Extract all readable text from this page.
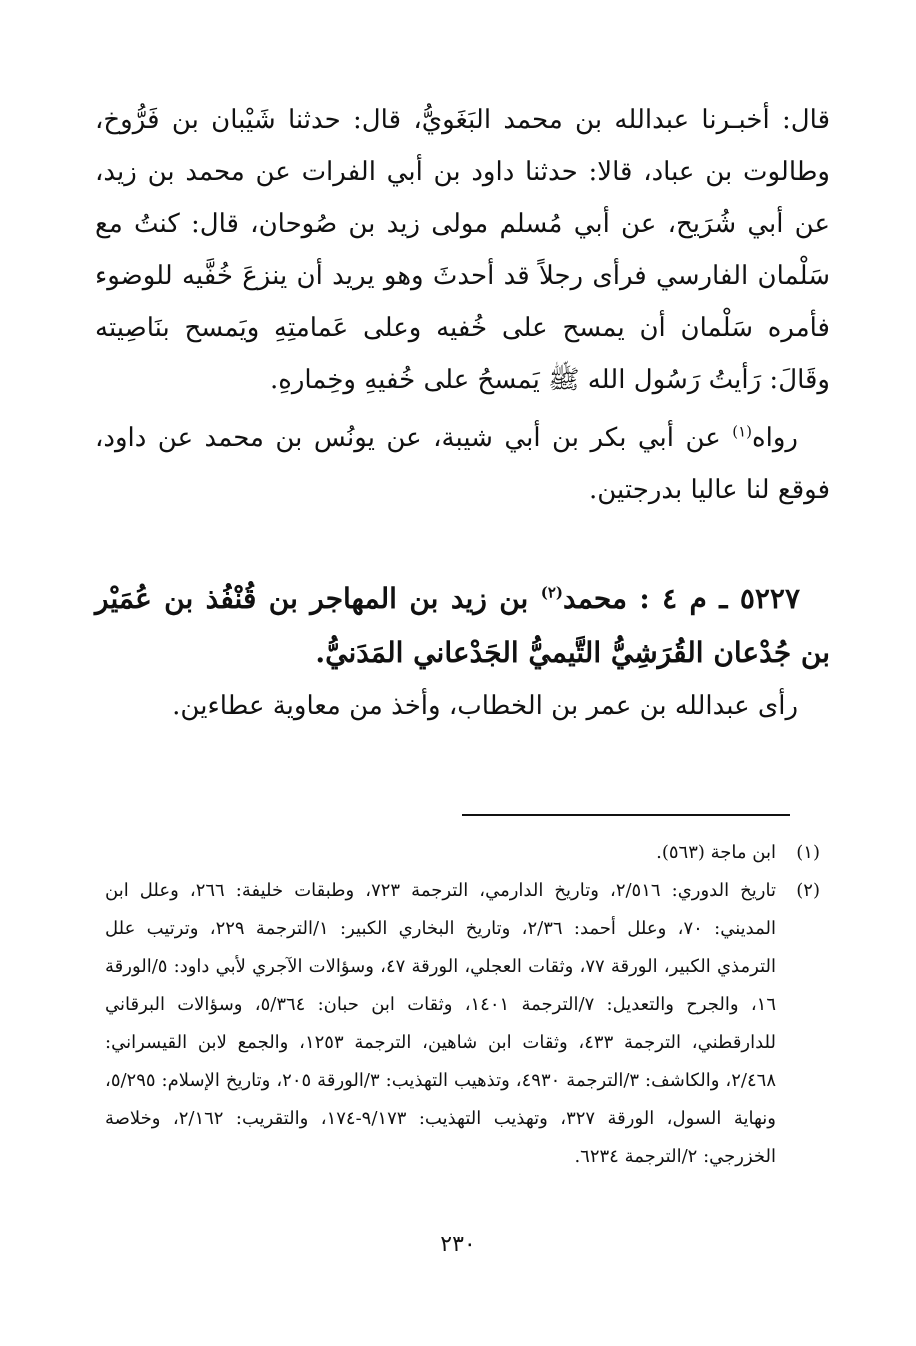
قال: أخبـرنا عبدالله بن محمد البَغَويُّ، قال: حدثنا شَيْبان بن فَرُّوخ، وطالوت بن عباد، قالا: حدثنا داود بن أبي الفرات عن محمد بن زيد، عن أبي شُرَيح، عن أبي مُسلم مولى زيد بن صُوحان، قال: كنتُ مع سَلْمان الفارسي فرأى رجلاً قد أحدثَ وهو يريد أن ينزعَ خُفَّيه للوضوء فأمره سَلْمان أن يمسح على خُفيه وعلى عَمامتِهِ ويَمسح بنَاصِيته وقَالَ: رَأيتُ رَسُول الله ﷺ يَمسحُ على خُفيهِ وخِمارهِ.

رواه$^{(١)}$ عن أبي بكر بن أبي شيبة، عن يونُس بن محمد عن داود، فوقع لنا عاليا بدرجتين.

٥٢٢٧ ـ م ٤ : محمد$^{(٢)}$ بن زيد بن المهاجر بن قُنْفُذ بن عُمَيْر بن جُدْعان القُرَشِيُّ التَّيميُّ الجَدْعاني المَدَنيُّ.

رأى عبدالله بن عمر بن الخطاب، وأخذ من معاوية عطاءين.

(١)
ابن ماجة (٥٦٣).
(٢)
تاريخ الدوري: ٢/٥١٦، وتاريخ الدارمي، الترجمة ٧٢٣، وطبقات خليفة: ٢٦٦، وعلل ابن المديني: ٧٠، وعلل أحمد: ٢/٣٦، وتاريخ البخاري الكبير: ١/الترجمة ٢٢٩، وترتيب علل الترمذي الكبير، الورقة ٧٧، وثقات العجلي، الورقة ٤٧، وسؤالات الآجري لأبي داود: ٥/الورقة ١٦، والجرح والتعديل: ٧/الترجمة ١٤٠١، وثقات ابن حبان: ٥/٣٦٤، وسؤالات البرقاني للدارقطني، الترجمة ٤٣٣، وثقات ابن شاهين، الترجمة ١٢٥٣، والجمع لابن القيسراني: ٢/٤٦٨، والكاشف: ٣/الترجمة ٤٩٣٠، وتذهيب التهذيب: ٣/الورقة ٢٠٥، وتاريخ الإسلام: ٥/٢٩٥، ونهاية السول، الورقة ٣٢٧، وتهذيب التهذيب: ٩/١٧٣-١٧٤، والتقريب: ٢/١٦٢، وخلاصة الخزرجي: ٢/الترجمة ٦٢٣٤.
٢٣٠
